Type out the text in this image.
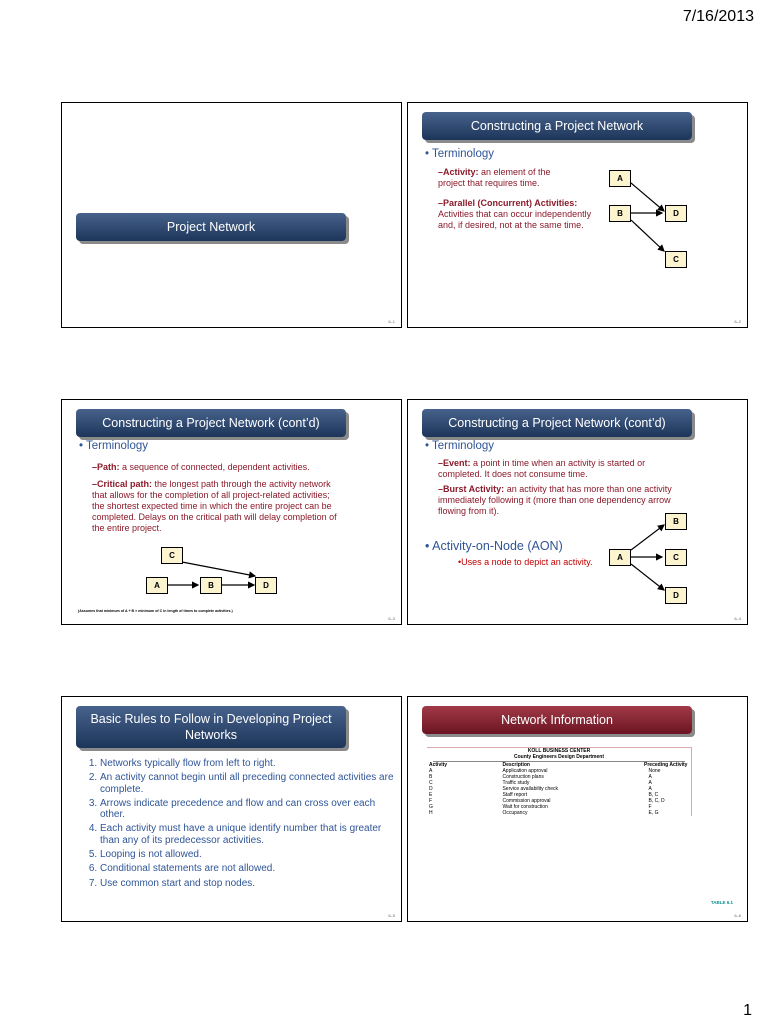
7/16/2013
Project Network
6–1
Constructing a Project Network
• Terminology
–Activity: an element of the project that requires time.
–Parallel (Concurrent) Activities: Activities that can occur independently and, if desired, not at the same time.
A
B	D
C
6–2
Constructing a Project Network (cont’d)
• Terminology
–Path: a sequence of connected, dependent activities.
–Critical path: the longest path through the activity network that allows for the completion of all project-related activities; the shortest expected time in which the entire project can be completed. Delays on the critical path will delay completion of the entire project.
C
A	B	D
(Assumes that minimum of A + B > minimum of C in length of times to complete activities.)
6–3
Constructing a Project Network (cont’d)
• Terminology
–Event: a point in time when an activity is started or completed. It does not consume time.
–Burst Activity: an activity that has more than one activity immediately following it (more than one dependency arrow flowing from it).
• Activity-on-Node (AON)
•Uses a node to depict an activity.
B
A	C
D
6–4
Basic Rules to Follow in Developing Project Networks
1. Networks typically flow from left to right.
2. An activity cannot begin until all preceding connected activities are complete.
3. Arrows indicate precedence and flow and can cross over each other.
4. Each activity must have a unique identify number that is greater than any of its predecessor activities.
5. Looping is not allowed.
6. Conditional statements are not allowed.
7. Use common start and stop nodes.
6–5
Network Information
KOLL BUSINESS CENTER
County Engineers Design Department
Activity	Description	Preceding Activity
A	Application approval	None
B	Construction plans	A
C	Traffic study	A
D	Service availability check	A
E	Staff report	B, C
F	Commission approval	B, C, D
G	Wait for construction	F
H	Occupancy	E, G
TABLE 6.1
6–6
1
